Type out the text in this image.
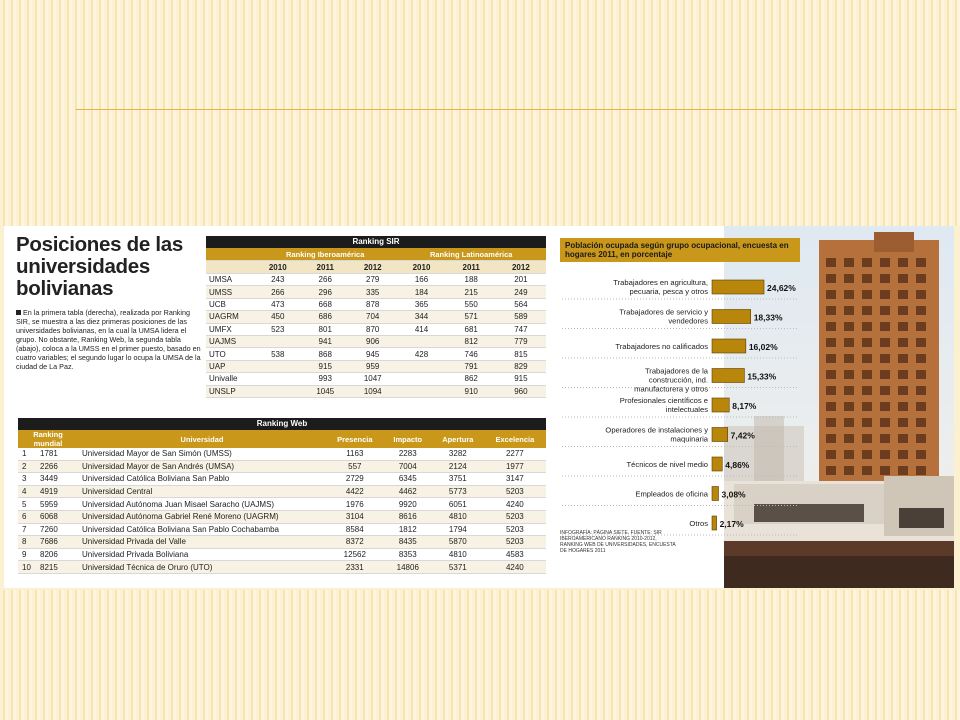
Posiciones de las universidades bolivianas
En la primera tabla (derecha), realizada por Ranking SIR, se muestra a las diez primeras posiciones de las universidades bolivianas, en la cual la UMSA lidera el grupo. No obstante, Ranking Web, la segunda tabla (abajo), coloca a la UMSS en el primer puesto, basado en cuatro variables; el segundo lugar lo ocupa la UMSA de la ciudad de La Paz.
Ranking SIR
	Ranking Iberoamérica			Ranking Latinoamérica		
	2010	2011	2012	2010	2011	2012
UMSA	243	266	279	166	188	201
UMSS	266	296	335	184	215	249
UCB	473	668	878	365	550	564
UAGRM	450	686	704	344	571	589
UMFX	523	801	870	414	681	747
UAJMS		941	906		812	779
UTO	538	868	945	428	746	815
UAP		915	959		791	829
Univalle		993	1047		862	915
UNSLP		1045	1094		910	960
Ranking Web
Ranking mundial		Universidad	Presencia	Impacto	Apertura	Excelencia
1	1781	Universidad Mayor de San Simón (UMSS)	1163	2283	3282	2277
2	2266	Universidad Mayor de San Andrés (UMSA)	557	7004	2124	1977
3	3449	Universidad Católica Boliviana San Pablo	2729	6345	3751	3147
4	4919	Universidad Central	4422	4462	5773	5203
5	5959	Universidad Autónoma Juan Misael Saracho (UAJMS)	1976	9920	6051	4240
6	6068	Universidad Autónoma Gabriel René Moreno (UAGRM)	3104	8616	4810	5203
7	7260	Universidad Católica Boliviana San Pablo Cochabamba	8584	1812	1794	5203
8	7686	Universidad Privada del Valle	8372	8435	5870	5203
9	8206	Universidad Privada Boliviana	12562	8353	4810	4583
10	8215	Universidad Técnica de Oruro (UTO)	2331	14806	5371	4240
Población ocupada según grupo ocupacional, encuesta en hogares 2011, en porcentaje
Trabajadores en agricultura, pecuaria, pesca y otros	24,62%
Trabajadores de servicio y vendedores	18,33%
Trabajadores no calificados	16,02%
Trabajadores de la construcción, ind. manufacturera y otros
15,33%
Profesionales científicos e intelectuales	8,17%
Operadores de instalaciones y maquinaria	7,42%
Técnicos de nivel medio 4,86%
Empleados de oficina 3,08%
Otros 2,17%
INFOGRAFÍA: PÁGINA SIETE. FUENTE: SIR IBEROAMERICANO RANKING 2010-2012, RANKING WEB DE UNIVERSIDADES, ENCUESTA DE HOGARES 2011
